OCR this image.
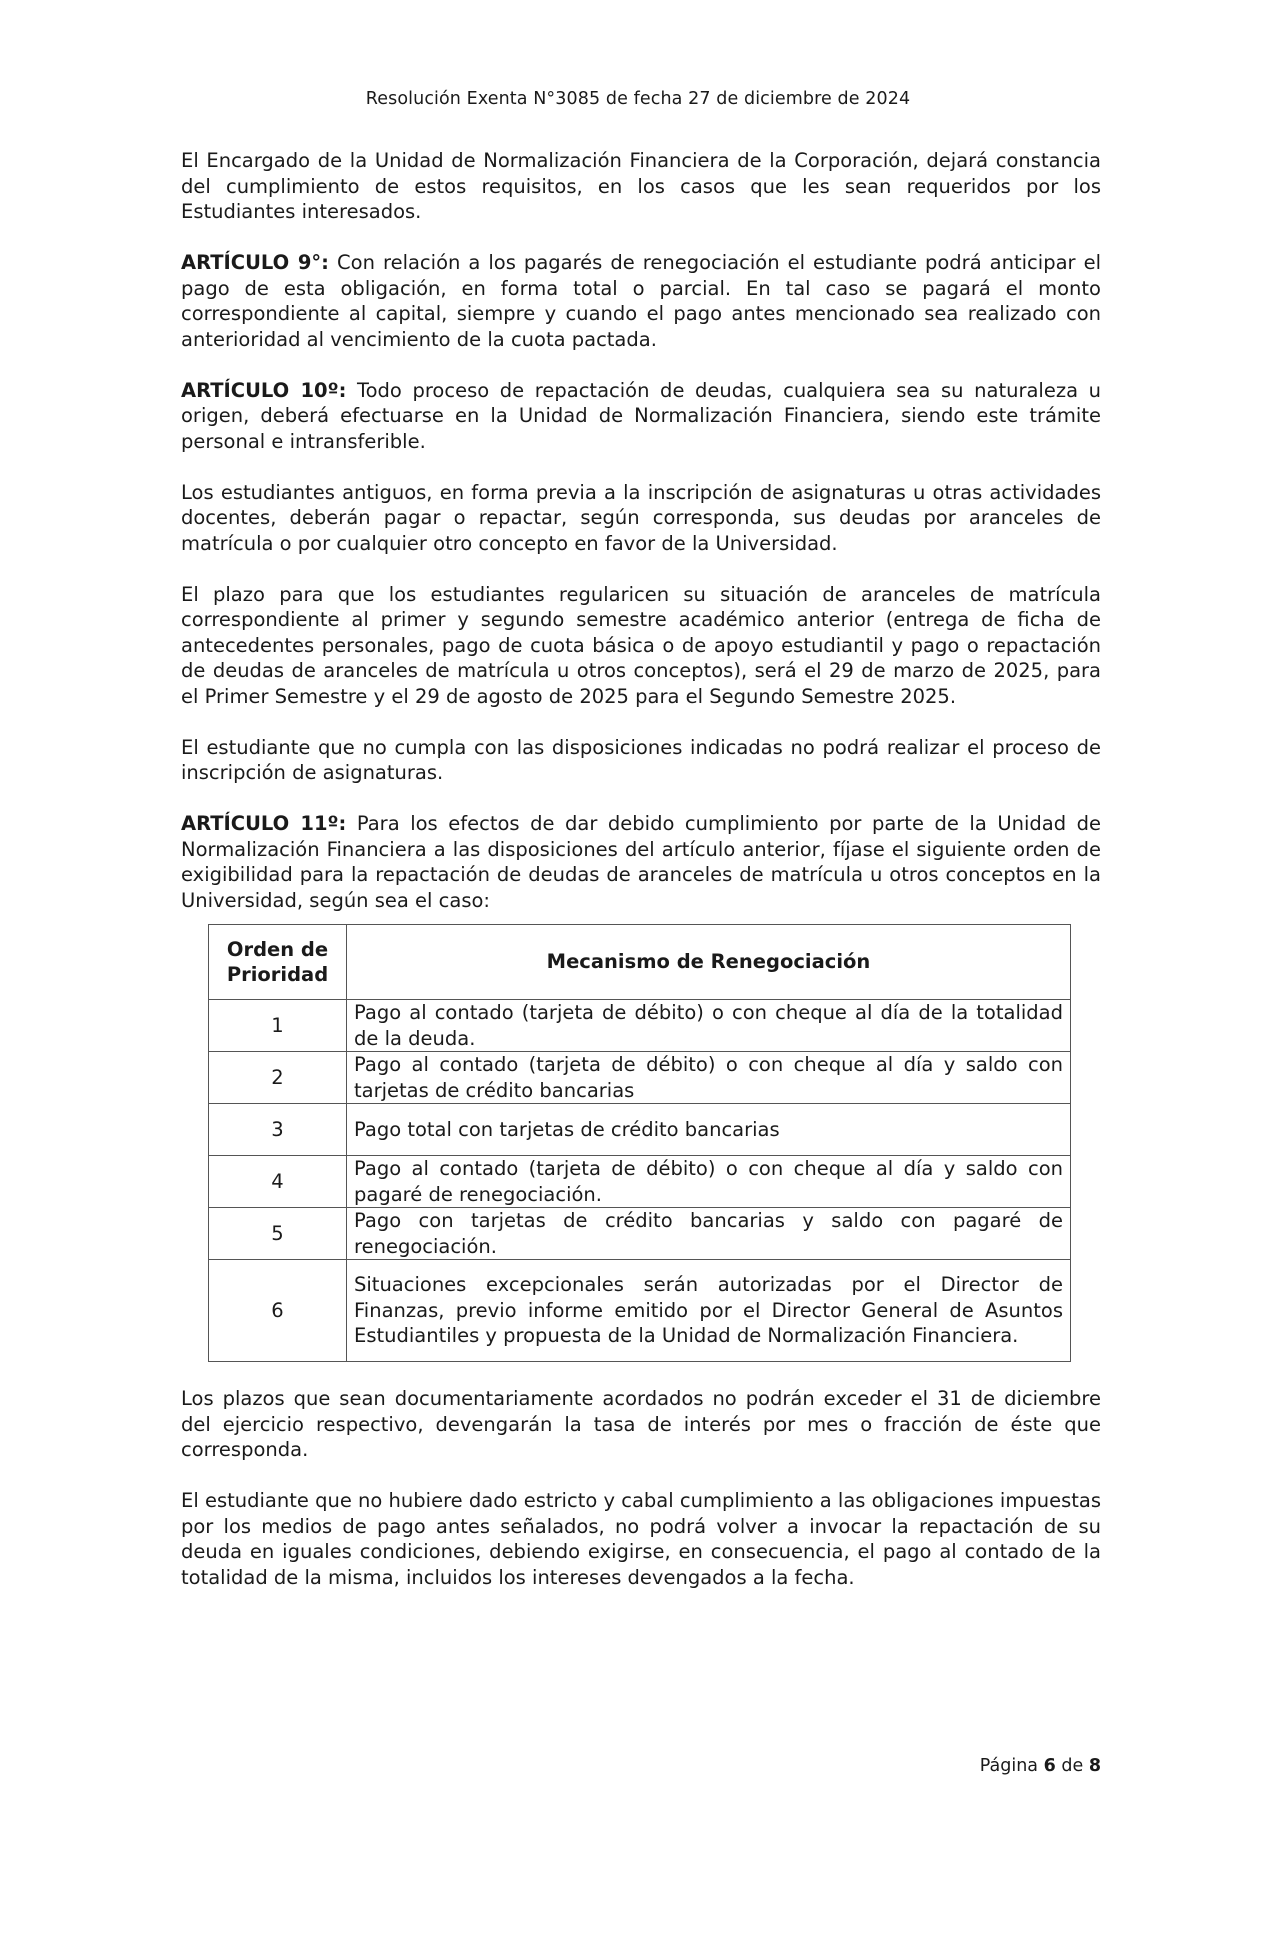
Resolución Exenta N°3085 de fecha 27 de diciembre de 2024

El Encargado de la Unidad de Normalización Financiera de la Corporación, dejará constancia del cumplimiento de estos requisitos, en los casos que les sean requeridos por los Estudiantes interesados.

ARTÍCULO 9°: Con relación a los pagarés de renegociación el estudiante podrá anticipar el pago de esta obligación, en forma total o parcial. En tal caso se pagará el monto correspondiente al capital, siempre y cuando el pago antes mencionado sea realizado con anterioridad al vencimiento de la cuota pactada.

ARTÍCULO 10º: Todo proceso de repactación de deudas, cualquiera sea su naturaleza u origen, deberá efectuarse en la Unidad de Normalización Financiera, siendo este trámite personal e intransferible.

Los estudiantes antiguos, en forma previa a la inscripción de asignaturas u otras actividades docentes, deberán pagar o repactar, según corresponda, sus deudas por aranceles de matrícula o por cualquier otro concepto en favor de la Universidad.

El plazo para que los estudiantes regularicen su situación de aranceles de matrícula correspondiente al primer y segundo semestre académico anterior (entrega de ficha de antecedentes personales, pago de cuota básica o de apoyo estudiantil y pago o repactación de deudas de aranceles de matrícula u otros conceptos), será el 29 de marzo de 2025, para el Primer Semestre y el 29 de agosto de 2025 para el Segundo Semestre 2025.

El estudiante que no cumpla con las disposiciones indicadas no podrá realizar el proceso de inscripción de asignaturas.

ARTÍCULO 11º: Para los efectos de dar debido cumplimiento por parte de la Unidad de Normalización Financiera a las disposiciones del artículo anterior, fíjase el siguiente orden de exigibilidad para la repactación de deudas de aranceles de matrícula u otros conceptos en la Universidad, según sea el caso:

Orden de
Prioridad	Mecanismo de Renegociación
1	Pago al contado (tarjeta de débito) o con cheque al día de la totalidad de la deuda.
2	Pago al contado (tarjeta de débito) o con cheque al día y saldo con tarjetas de crédito bancarias
3	Pago total con tarjetas de crédito bancarias
4	Pago al contado (tarjeta de débito) o con cheque al día y saldo con pagaré de renegociación.
5	Pago con tarjetas de crédito bancarias y saldo con pagaré de renegociación.
6	Situaciones excepcionales serán autorizadas por el Director de Finanzas, previo informe emitido por el Director General de Asuntos Estudiantiles y propuesta de la Unidad de Normalización Financiera.

Los plazos que sean documentariamente acordados no podrán exceder el 31 de diciembre del ejercicio respectivo, devengarán la tasa de interés por mes o fracción de éste que corresponda.

El estudiante que no hubiere dado estricto y cabal cumplimiento a las obligaciones impuestas por los medios de pago antes señalados, no podrá volver a invocar la repactación de su deuda en iguales condiciones, debiendo exigirse, en consecuencia, el pago al contado de la totalidad de la misma, incluidos los intereses devengados a la fecha.

Página 6 de 8
